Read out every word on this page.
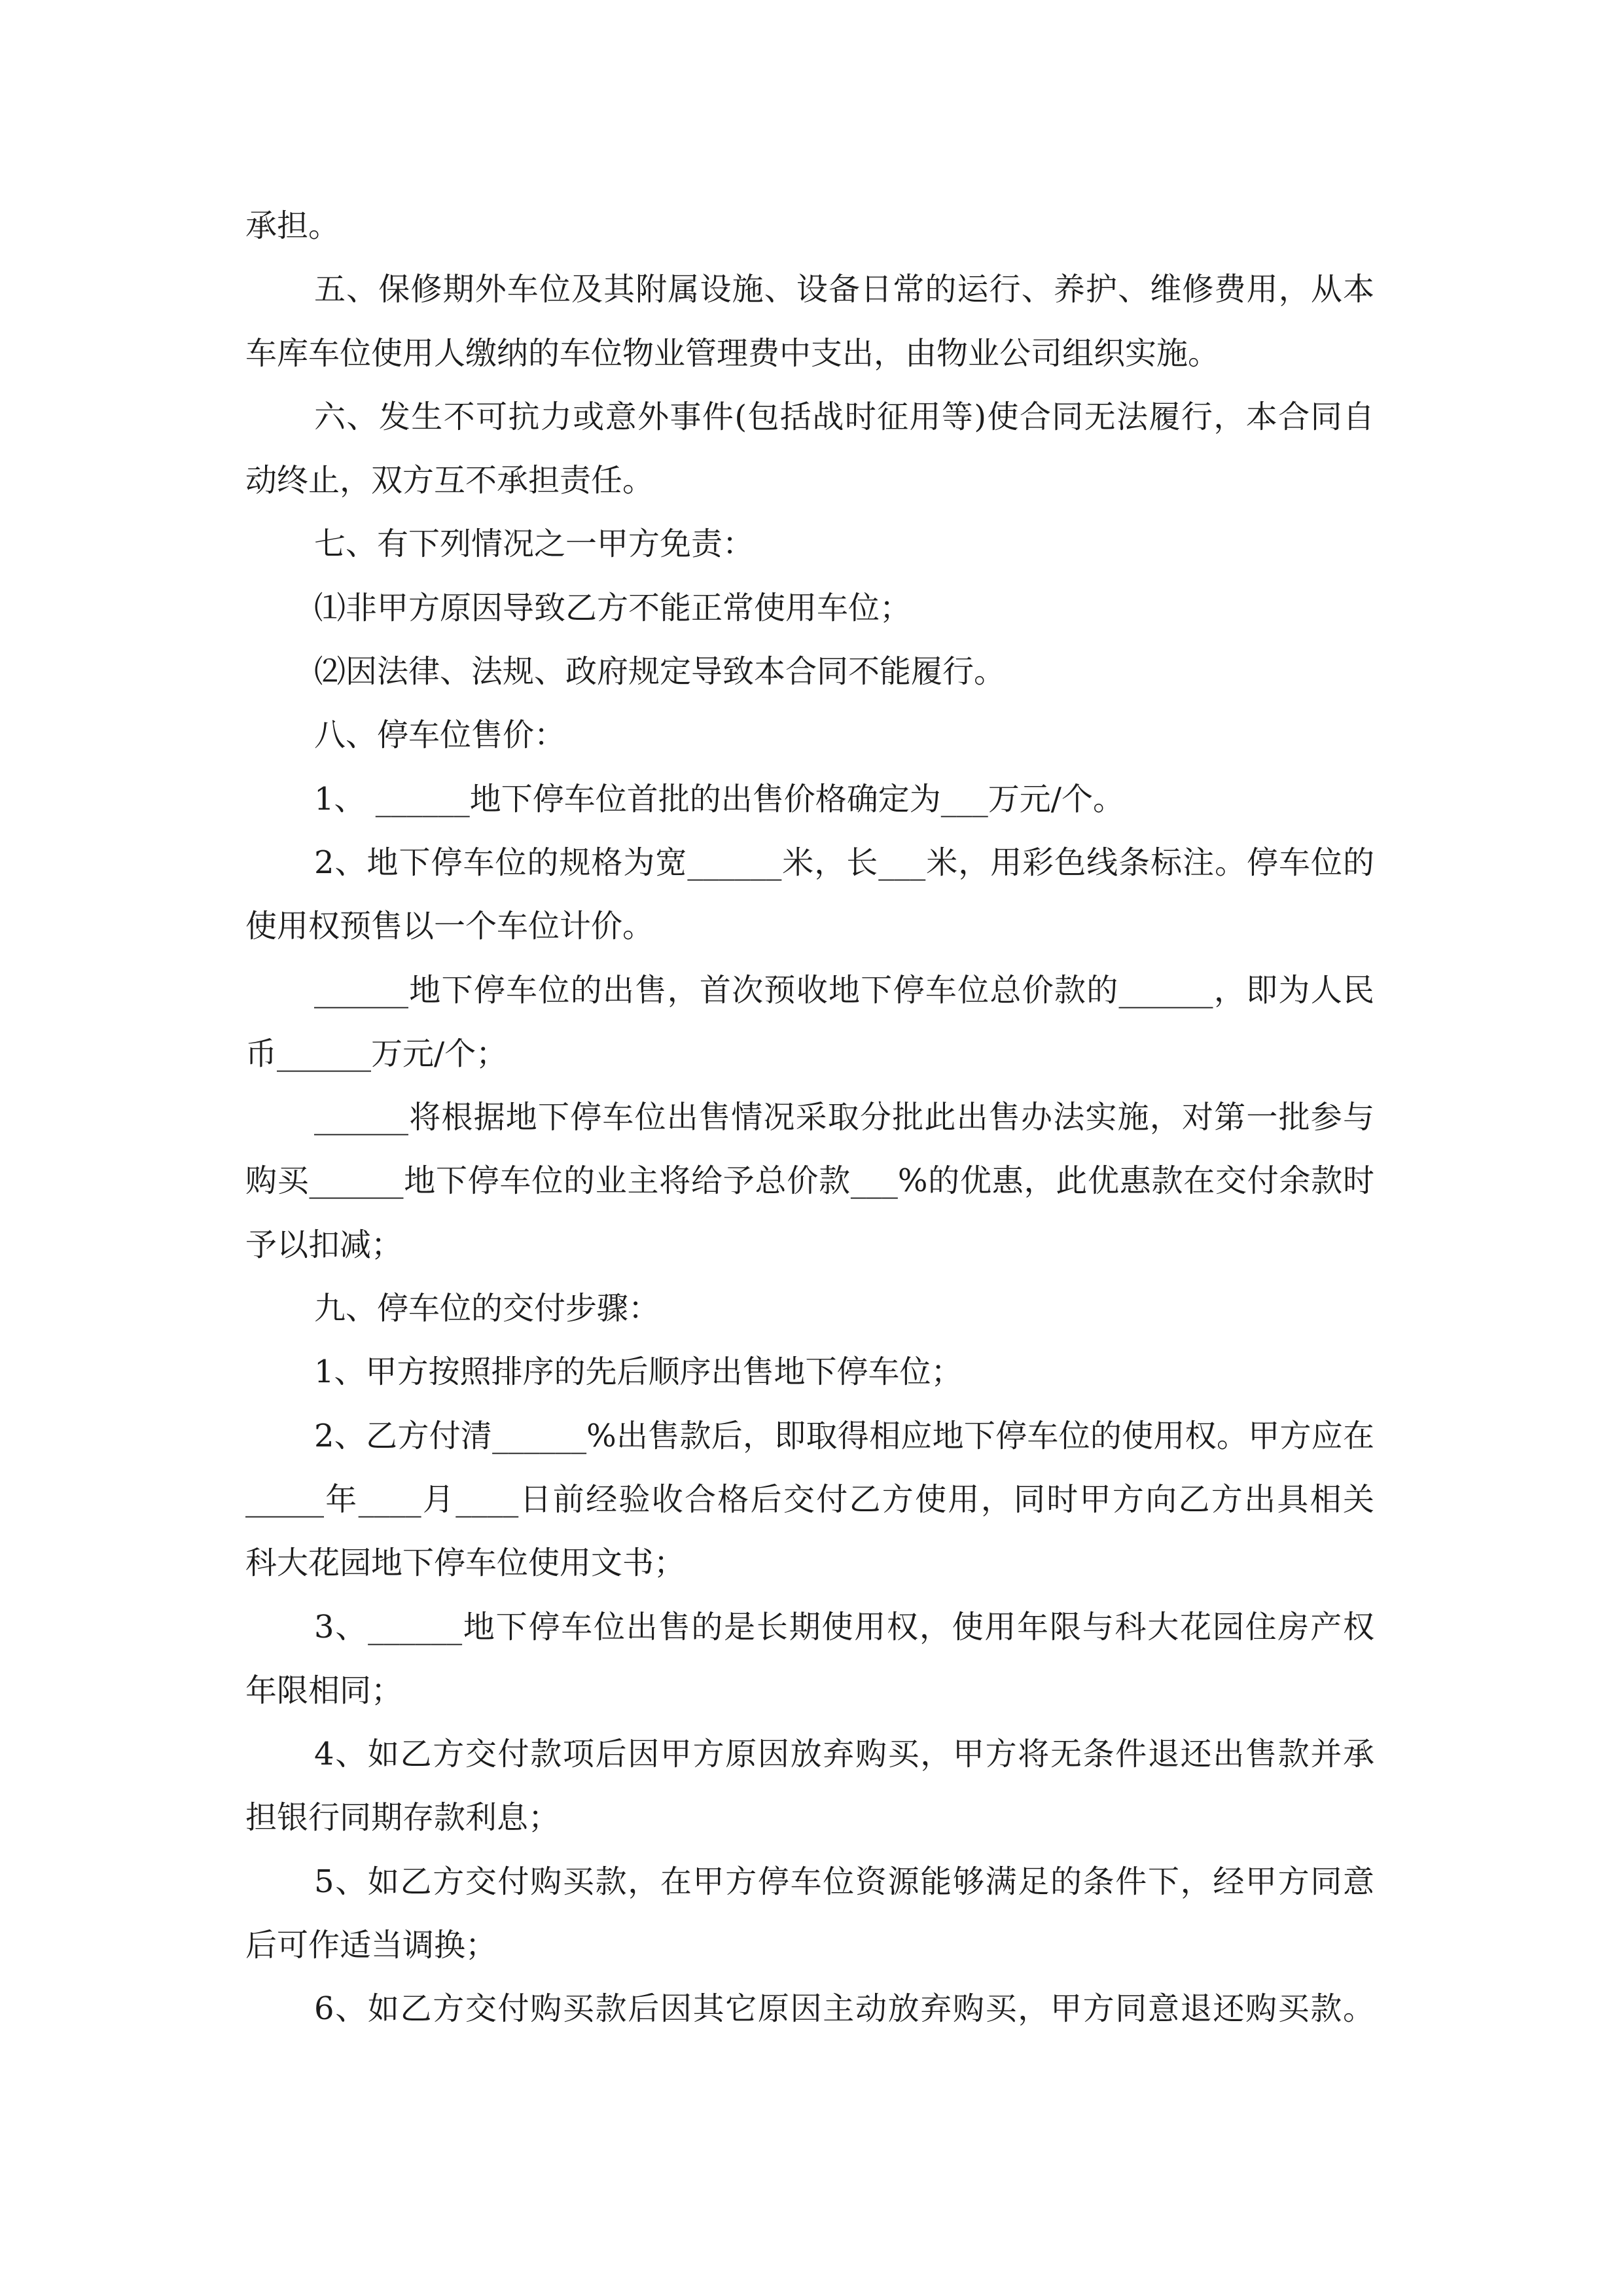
承担。
五、保修期外车位及其附属设施、设备日常的运行、养护、维修费用，从本
车库车位使用人缴纳的车位物业管理费中支出，由物业公司组织实施。
六、发生不可抗力或意外事件(包括战时征用等)使合同无法履行，本合同自
动终止，双方互不承担责任。
七、有下列情况之一甲方免责：
⑴非甲方原因导致乙方不能正常使用车位；
⑵因法律、法规、政府规定导致本合同不能履行。
八、停车位售价：
1、 ______地下停车位首批的出售价格确定为___万元/个。
2、地下停车位的规格为宽______米，长___米，用彩色线条标注。停车位的
使用权预售以一个车位计价。
______地下停车位的出售，首次预收地下停车位总价款的______，即为人民
币______万元/个；
______将根据地下停车位出售情况采取分批此出售办法实施，对第一批参与
购买______地下停车位的业主将给予总价款___%的优惠，此优惠款在交付余款时
予以扣减；
九、停车位的交付步骤：
1、甲方按照排序的先后顺序出售地下停车位；
2、乙方付清______%出售款后，即取得相应地下停车位的使用权。甲方应在
_____年____月____日前经验收合格后交付乙方使用，同时甲方向乙方出具相关
科大花园地下停车位使用文书；
3、______地下停车位出售的是长期使用权，使用年限与科大花园住房产权
年限相同；
4、如乙方交付款项后因甲方原因放弃购买，甲方将无条件退还出售款并承
担银行同期存款利息；
5、如乙方交付购买款，在甲方停车位资源能够满足的条件下，经甲方同意
后可作适当调换；
6、如乙方交付购买款后因其它原因主动放弃购买，甲方同意退还购买款。
